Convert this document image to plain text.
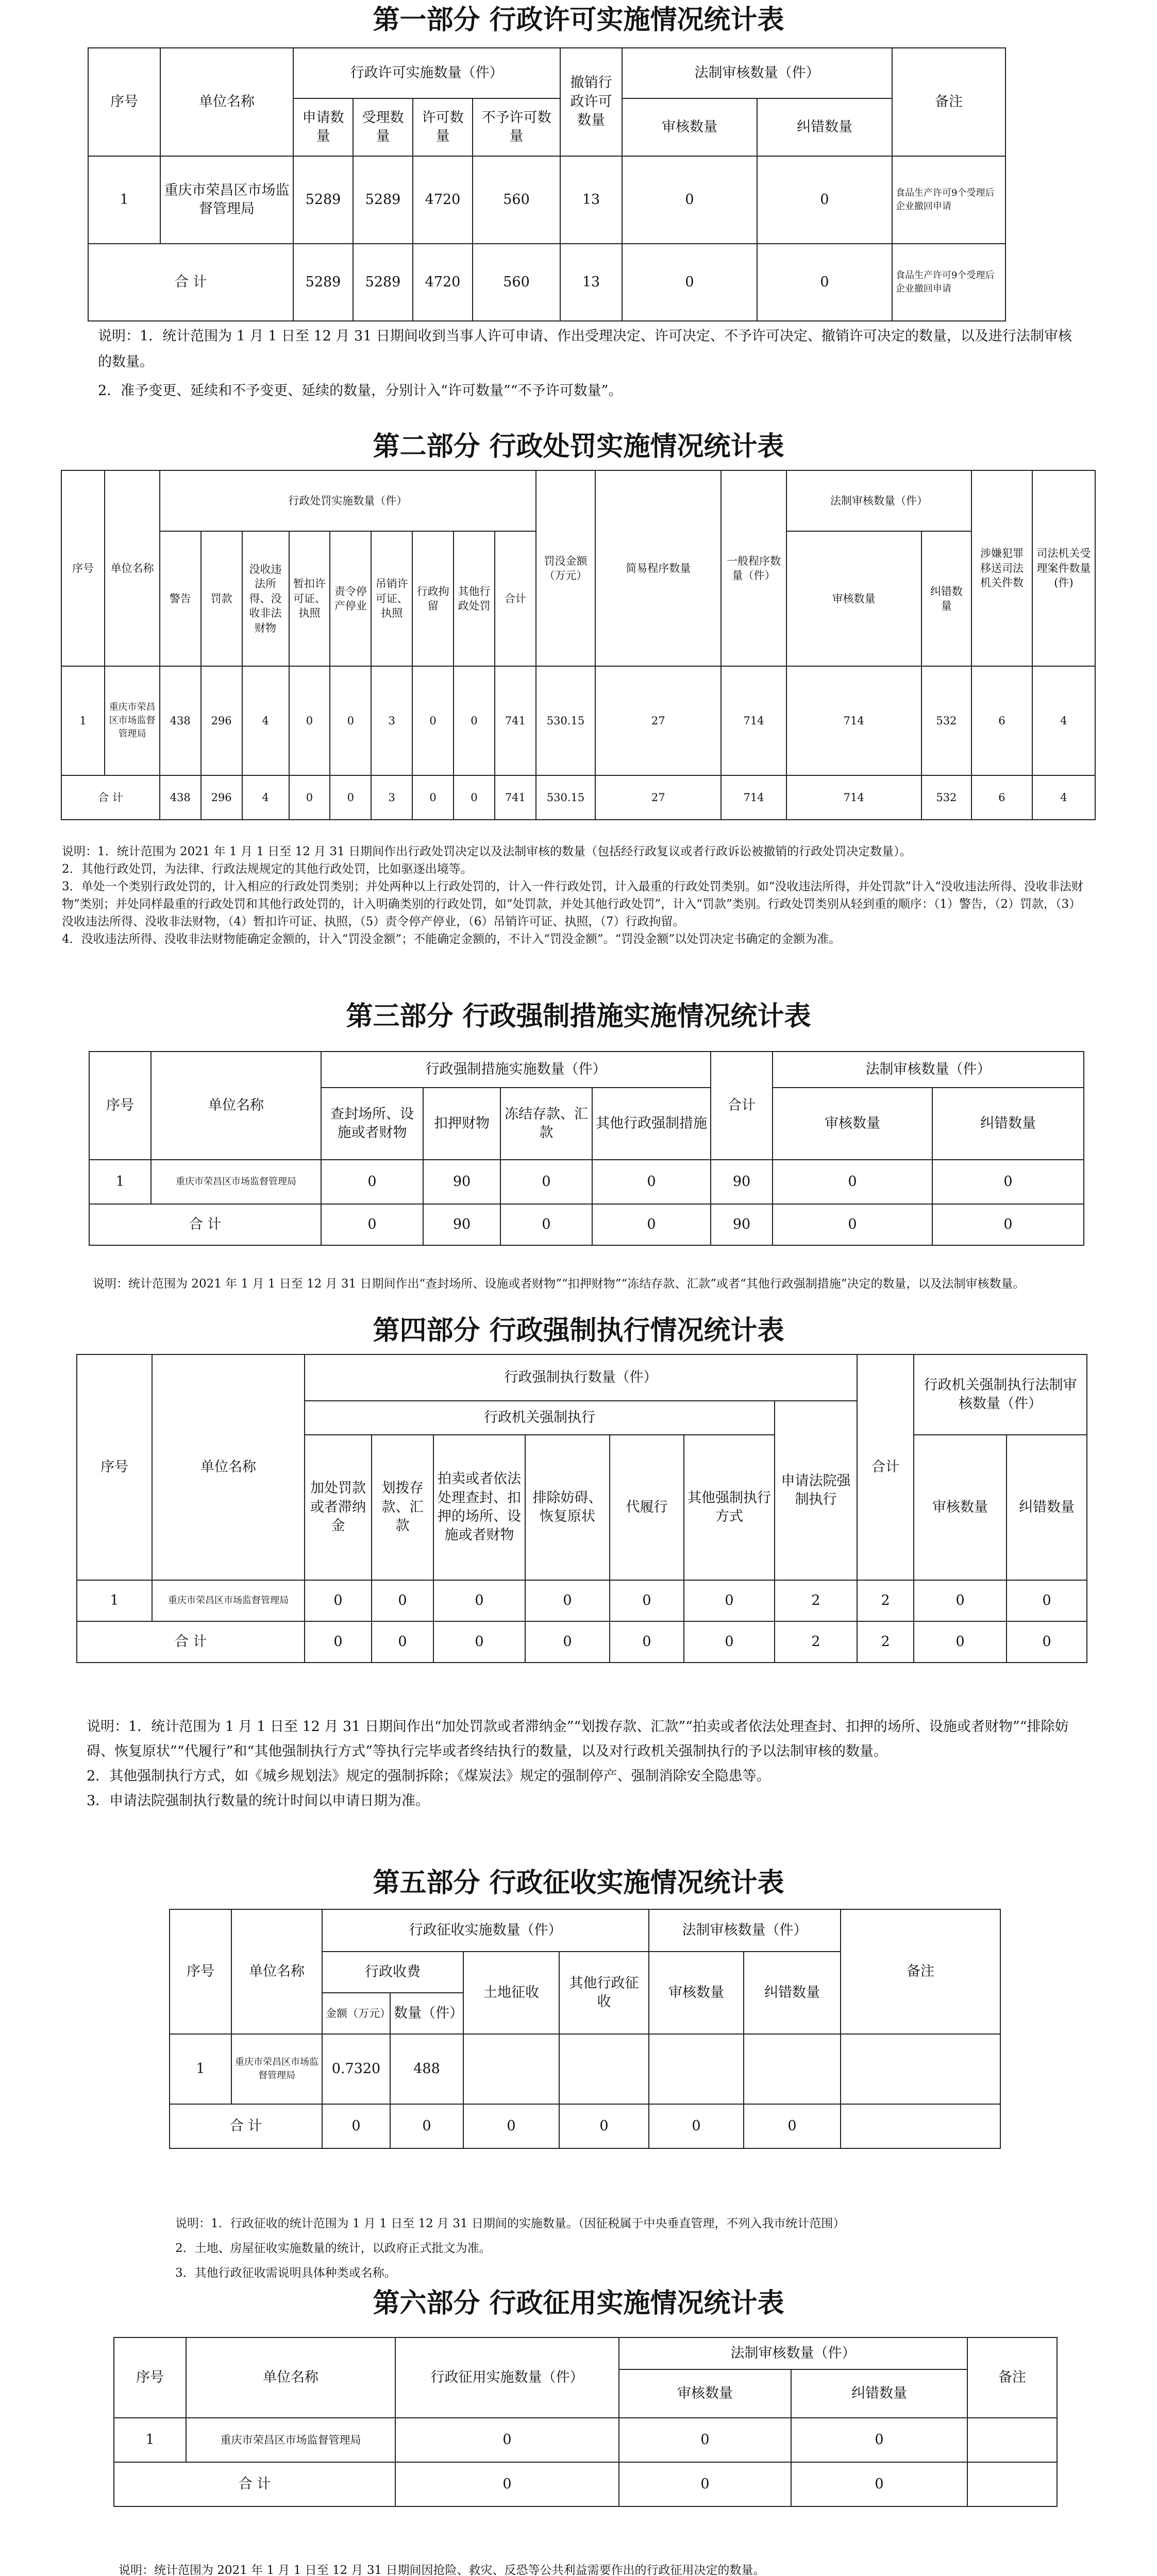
第一部分 行政许可实施情况统计表
序号	单位名称	行政许可实施数量（件）				撤销行政许可数量	法制审核数量（件）		备注
		申请数量	受理数量	许可数量	不予许可数量		审核数量	纠错数量	
1	重庆市荣昌区市场监督管理局	5289	5289	4720	560	13	0	0	食品生产许可9个受理后企业撤回申请
合 计		5289	5289	4720	560	13	0	0	食品生产许可9个受理后企业撤回申请

说明：1．统计范围为 1 月 1 日至 12 月 31 日期间收到当事人许可申请、作出受理决定、许可决定、不予许可决定、撤销许可决定的数量，以及进行法制审核的数量。

2．准予变更、延续和不予变更、延续的数量，分别计入“许可数量”“不予许可数量”。

第二部分 行政处罚实施情况统计表
序号	单位名称	行政处罚实施数量（件）									罚没金额（万元）	简易程序数量	一般程序数量（件）	法制审核数量（件）		涉嫌犯罪移送司法机关件数	司法机关受理案件数量(件)
		警告	罚款	没收违法所得、没收非法财物	暂扣许可证、执照	责令停产停业	吊销许可证、执照	行政拘留	其他行政处罚	合计				审核数量	纠错数量		
1	重庆市荣昌区市场监督管理局	438	296	4	0	0	3	0	0	741	530.15	27	714	714	532	6	4
合 计		438	296	4	0	0	3	0	0	741	530.15	27	714	714	532	6	4

说明：1．统计范围为 2021 年 1 月 1 日至 12 月 31 日期间作出行政处罚决定以及法制审核的数量（包括经行政复议或者行政诉讼被撤销的行政处罚决定数量）。

2．其他行政处罚，为法律、行政法规规定的其他行政处罚，比如驱逐出境等。

3．单处一个类别行政处罚的，计入相应的行政处罚类别；并处两种以上行政处罚的，计入一件行政处罚，计入最重的行政处罚类别。如“没收违法所得，并处罚款”计入“没收违法所得、没收非法财物”类别；并处同样最重的行政处罚和其他行政处罚的，计入明确类别的行政处罚，如“处罚款，并处其他行政处罚”，计入“罚款”类别。行政处罚类别从轻到重的顺序：（1）警告，（2）罚款，（3）没收违法所得、没收非法财物，（4）暂扣许可证、执照，（5）责令停产停业，（6）吊销许可证、执照，（7）行政拘留。

4．没收违法所得、没收非法财物能确定金额的，计入“罚没金额”；不能确定金额的，不计入“罚没金额”。“罚没金额”以处罚决定书确定的金额为准。

第三部分 行政强制措施实施情况统计表
序号	单位名称	行政强制措施实施数量（件）				合计	法制审核数量（件）	
		查封场所、设施或者财物	扣押财物	冻结存款、汇款	其他行政强制措施		审核数量	纠错数量
1	重庆市荣昌区市场监督管理局	0	90	0	0	90	0	0
合 计		0	90	0	0	90	0	0

说明：统计范围为 2021 年 1 月 1 日至 12 月 31 日期间作出“查封场所、设施或者财物”“扣押财物”“冻结存款、汇款”或者“其他行政强制措施”决定的数量，以及法制审核数量。

第四部分 行政强制执行情况统计表
序号	单位名称	行政强制执行数量（件）							合计	行政机关强制执行法制审核数量（件）	
		行政机关强制执行						申请法院强制执行			
		加处罚款或者滞纳金	划拨存款、汇款	拍卖或者依法处理查封、扣押的场所、设施或者财物	排除妨碍、恢复原状	代履行	其他强制执行方式			审核数量	纠错数量
1	重庆市荣昌区市场监督管理局	0	0	0	0	0	0	2	2	0	0
合 计		0	0	0	0	0	0	2	2	0	0

说明：1．统计范围为 1 月 1 日至 12 月 31 日期间作出“加处罚款或者滞纳金”“划拨存款、汇款”“拍卖或者依法处理查封、扣押的场所、设施或者财物”“排除妨碍、恢复原状”“代履行”和“其他强制执行方式”等执行完毕或者终结执行的数量，以及对行政机关强制执行的予以法制审核的数量。

2．其他强制执行方式，如《城乡规划法》规定的强制拆除；《煤炭法》规定的强制停产、强制消除安全隐患等。

3．申请法院强制执行数量的统计时间以申请日期为准。

第五部分 行政征收实施情况统计表
序号	单位名称	行政征收实施数量（件）				法制审核数量（件）		备注
		行政收费		土地征收	其他行政征收	审核数量	纠错数量	
		金额（万元）	数量（件）					
1	重庆市荣昌区市场监督管理局	0.7320	488					
合 计		0	0	0	0	0	0	

说明：1．行政征收的统计范围为 1 月 1 日至 12 月 31 日期间的实施数量。（因征税属于中央垂直管理，不列入我市统计范围）

2．土地、房屋征收实施数量的统计，以政府正式批文为准。

3．其他行政征收需说明具体种类或名称。

第六部分 行政征用实施情况统计表
序号	单位名称	行政征用实施数量（件）	法制审核数量（件）		备注
			审核数量	纠错数量	
1	重庆市荣昌区市场监督管理局	0	0	0	
合 计		0	0	0	

说明：统计范围为 2021 年 1 月 1 日至 12 月 31 日期间因抢险、救灾、反恐等公共利益需要作出的行政征用决定的数量。
